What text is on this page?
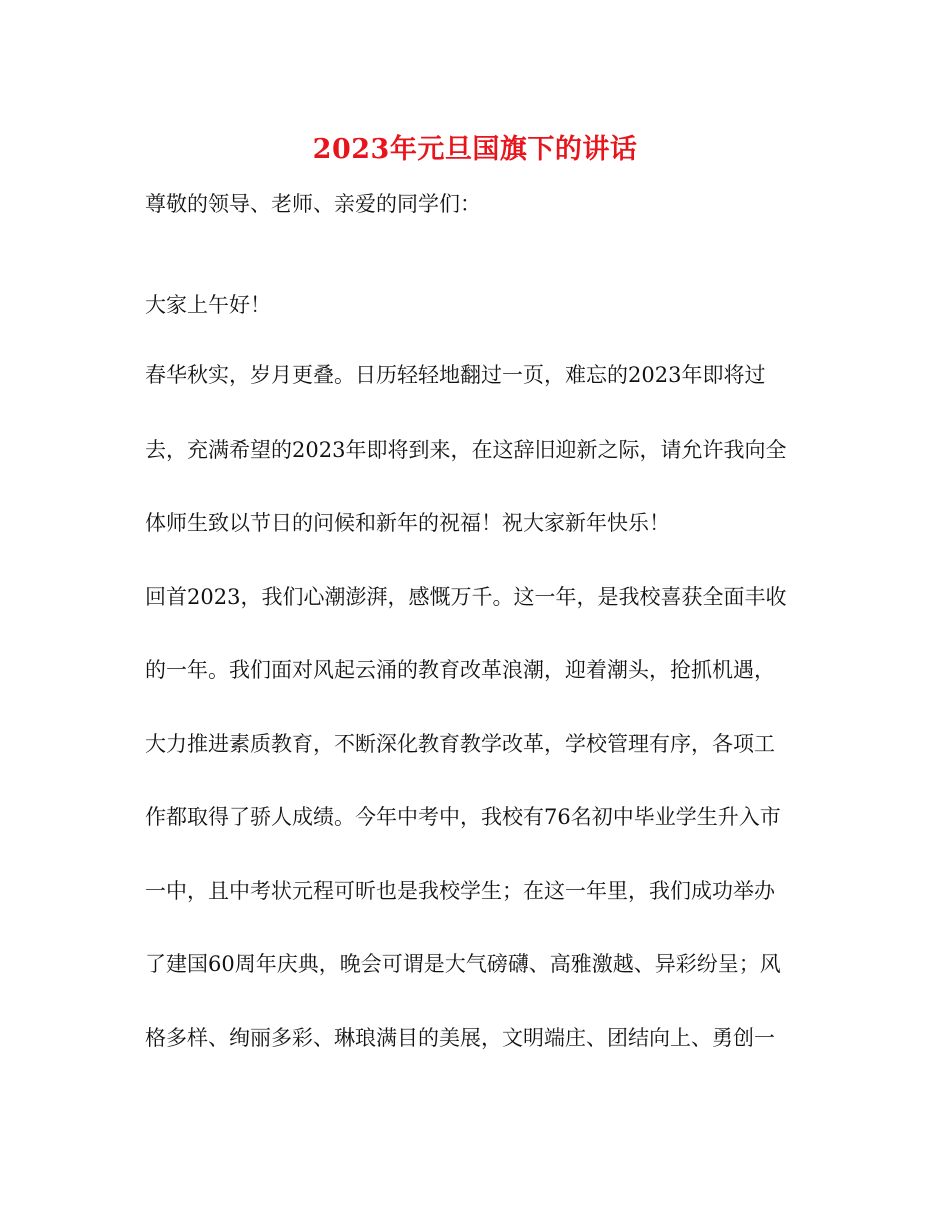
2023年元旦国旗下的讲话
尊敬的领导、老师、亲爱的同学们：
大家上午好！
春华秋实，岁月更叠。日历轻轻地翻过一页，难忘的2023年即将过
去，充满希望的2023年即将到来，在这辞旧迎新之际，请允许我向全
体师生致以节日的问候和新年的祝福！祝大家新年快乐！
回首2023，我们心潮澎湃，感慨万千。这一年，是我校喜获全面丰收
的一年。我们面对风起云涌的教育改革浪潮，迎着潮头，抢抓机遇，
大力推进素质教育，不断深化教育教学改革，学校管理有序，各项工
作都取得了骄人成绩。今年中考中，我校有76名初中毕业学生升入市
一中，且中考状元程可昕也是我校学生；在这一年里，我们成功举办
了建国60周年庆典，晚会可谓是大气磅礴、高雅激越、异彩纷呈；风
格多样、绚丽多彩、琳琅满目的美展，文明端庄、团结向上、勇创一
